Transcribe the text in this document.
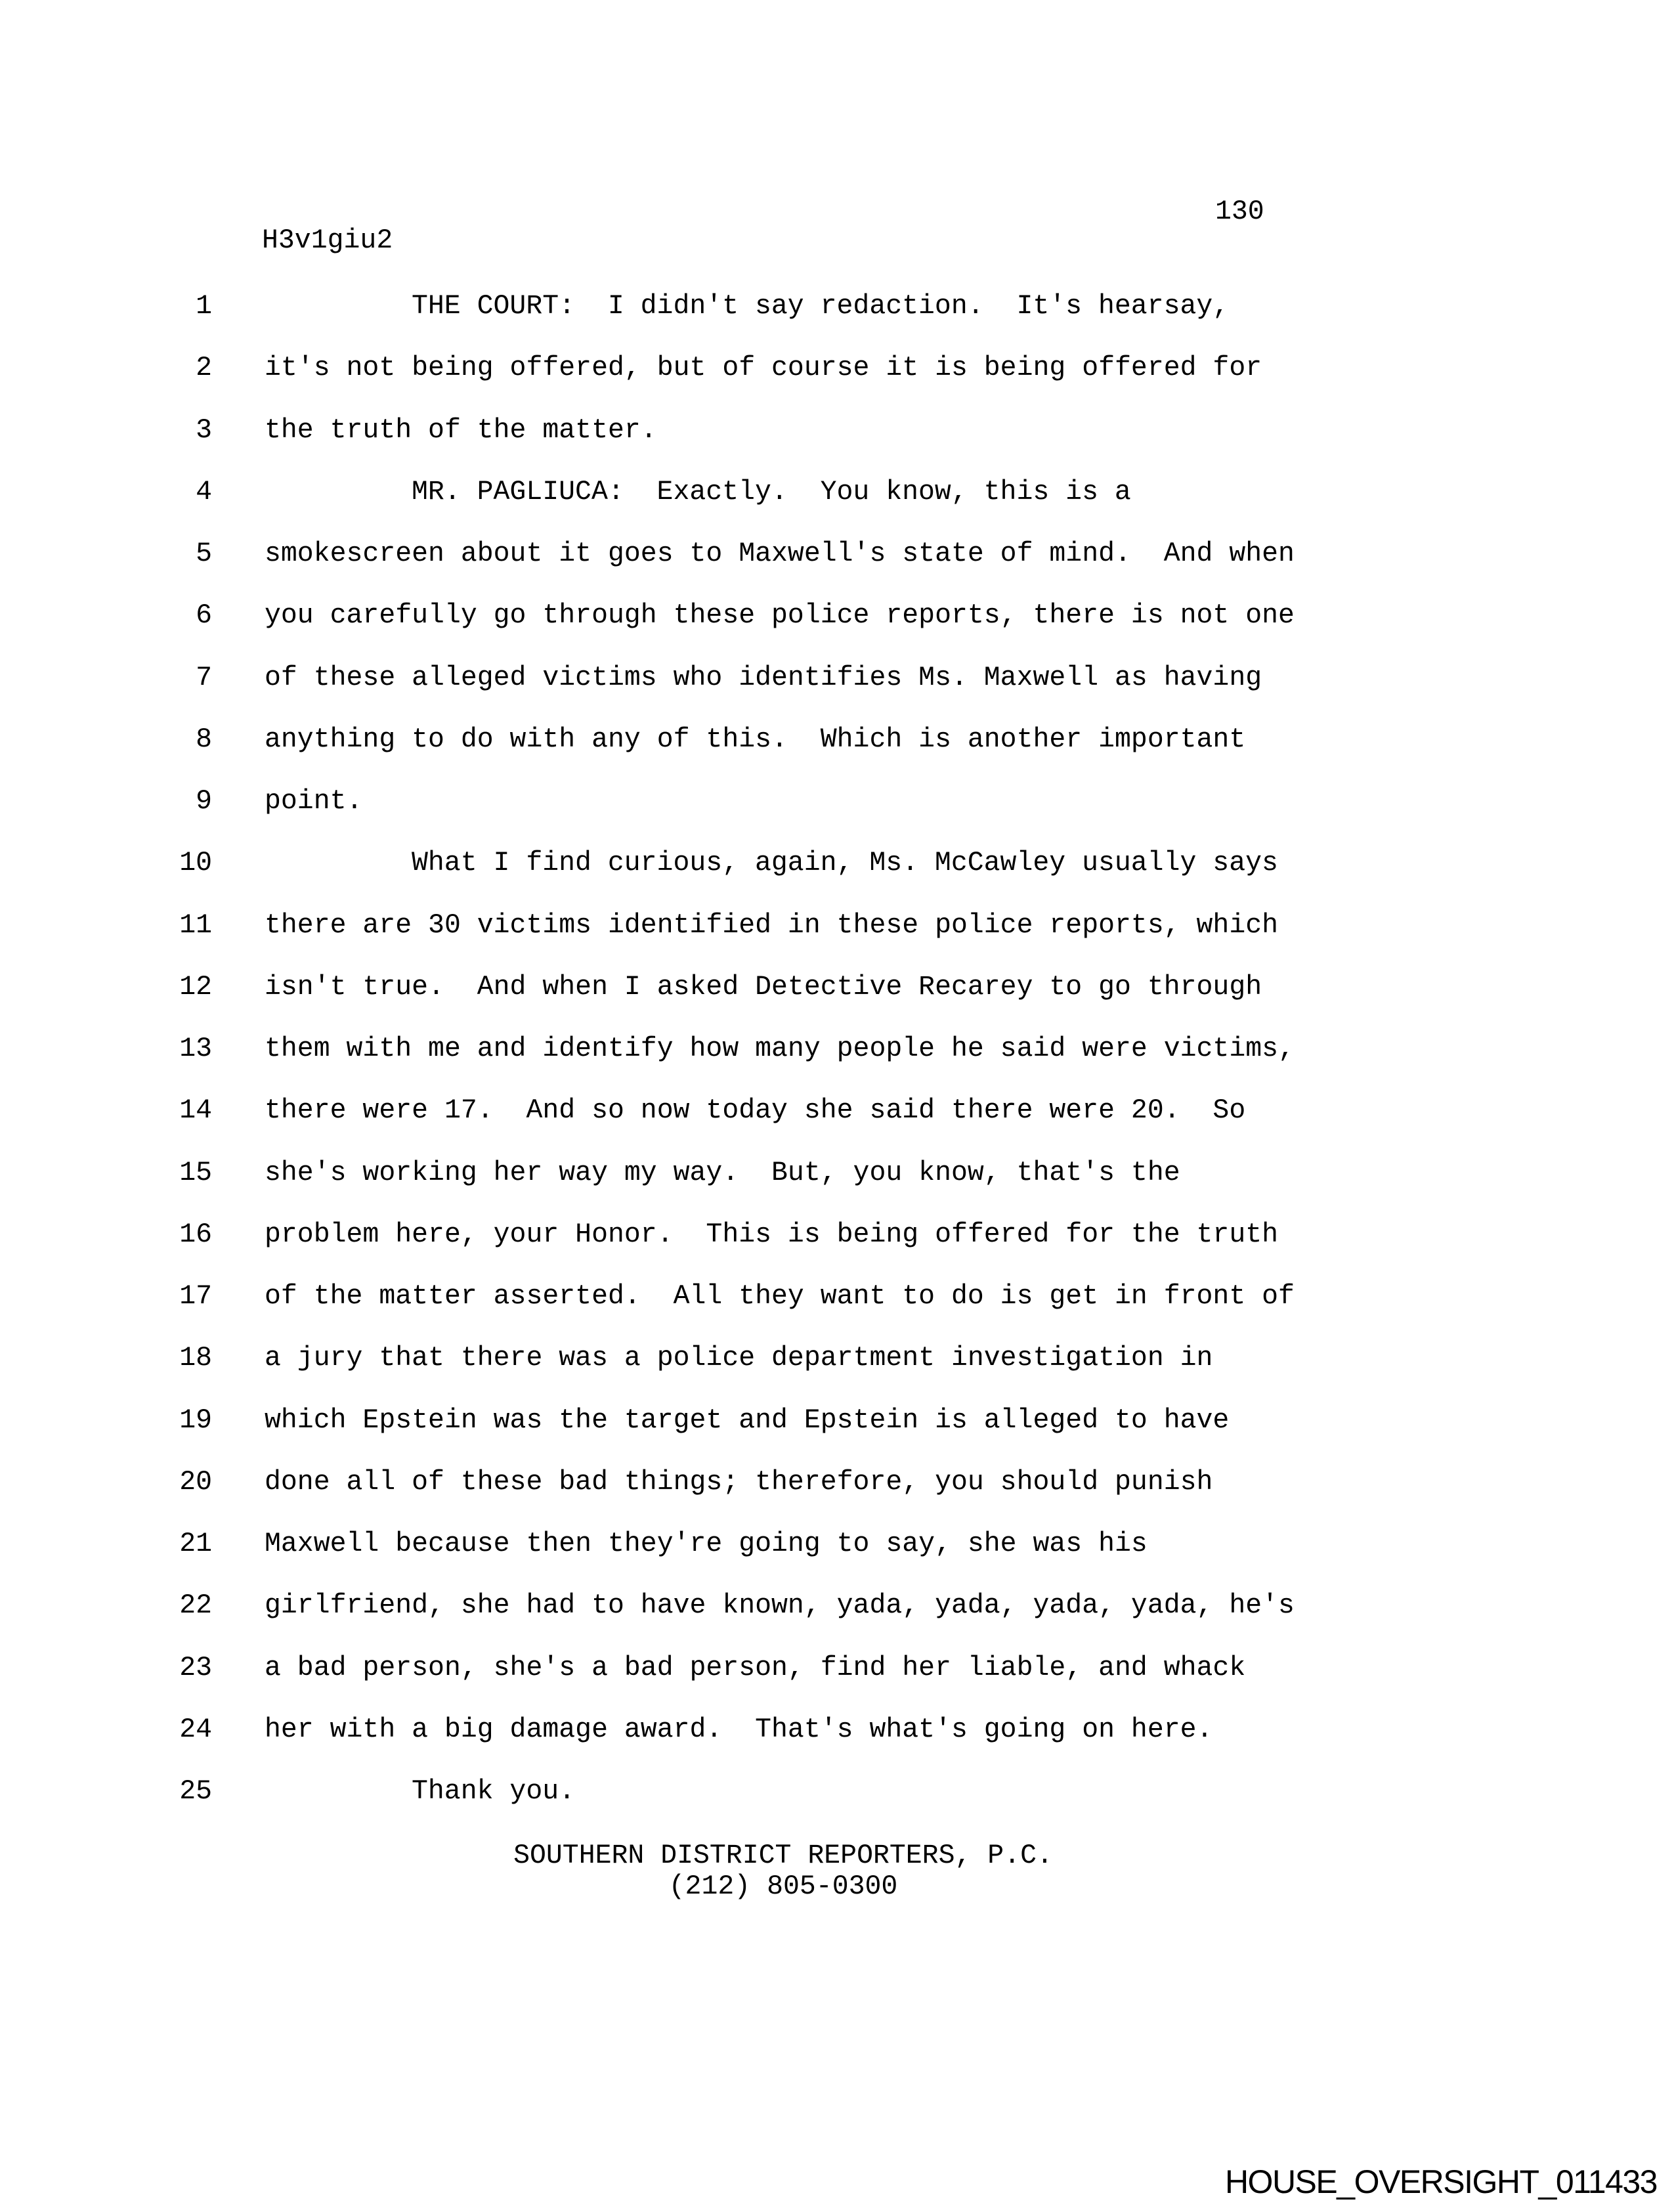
130
H3v1giu2
1	THE COURT:  I didn't say redaction.  It's hearsay,
2 it's not being offered, but of course it is being offered for
3 the truth of the matter.
4	MR. PAGLIUCA:  Exactly.  You know, this is a
5 smokescreen about it goes to Maxwell's state of mind.  And when
6 you carefully go through these police reports, there is not one
7 of these alleged victims who identifies Ms. Maxwell as having
8 anything to do with any of this.  Which is another important
9 point.
10	What I find curious, again, Ms. McCawley usually says
11 there are 30 victims identified in these police reports, which
12 isn't true.  And when I asked Detective Recarey to go through
13 them with me and identify how many people he said were victims,
14 there were 17.  And so now today she said there were 20.  So
15 she's working her way my way.  But, you know, that's the
16 problem here, your Honor.  This is being offered for the truth
17 of the matter asserted.  All they want to do is get in front of
18 a jury that there was a police department investigation in
19 which Epstein was the target and Epstein is alleged to have
20 done all of these bad things; therefore, you should punish
21 Maxwell because then they're going to say, she was his
22 girlfriend, she had to have known, yada, yada, yada, yada, he's
23 a bad person, she's a bad person, find her liable, and whack
24 her with a big damage award.  That's what's going on here.
25	Thank you.
SOUTHERN DISTRICT REPORTERS, P.C.
(212) 805-0300
HOUSE_OVERSIGHT_011433
